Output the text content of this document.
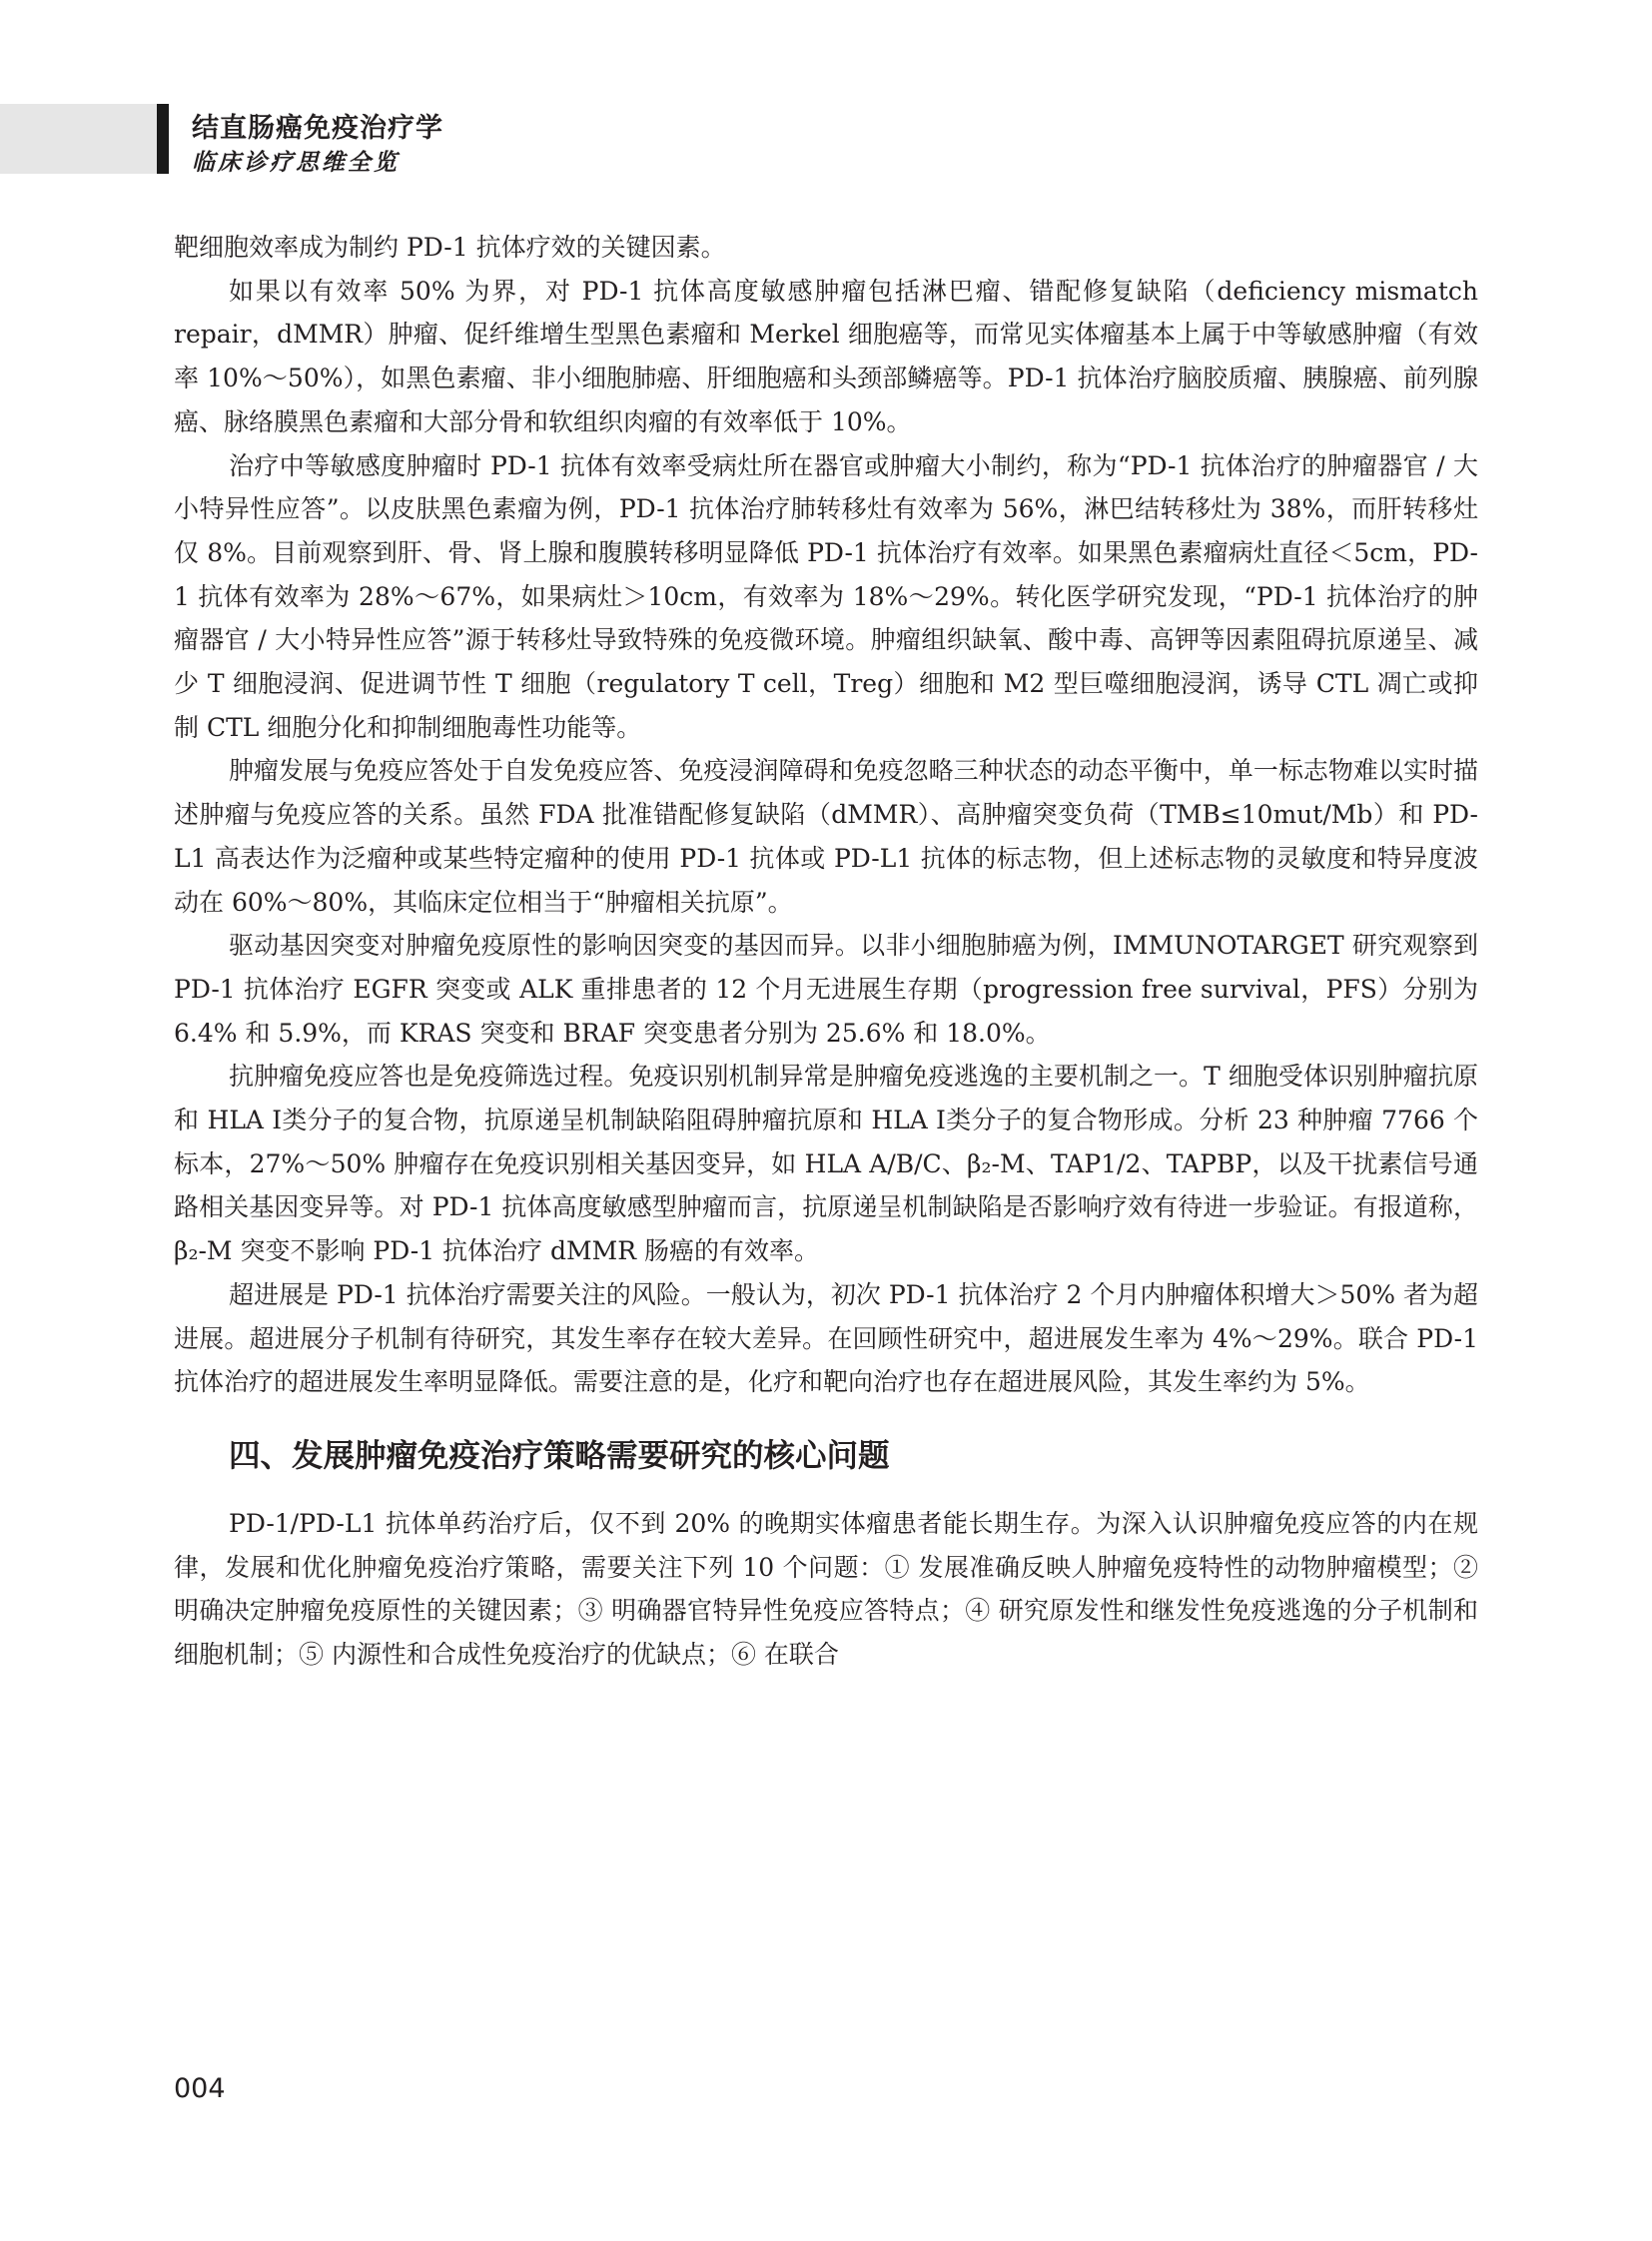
结直肠癌免疫治疗学
临床诊疗思维全览

靶细胞效率成为制约 PD-1 抗体疗效的关键因素。

如果以有效率 50% 为界，对 PD-1 抗体高度敏感肿瘤包括淋巴瘤、错配修复缺陷（deficiency mismatch repair，dMMR）肿瘤、促纤维增生型黑色素瘤和 Merkel 细胞癌等，而常见实体瘤基本上属于中等敏感肿瘤（有效率 10%～50%），如黑色素瘤、非小细胞肺癌、肝细胞癌和头颈部鳞癌等。PD-1 抗体治疗脑胶质瘤、胰腺癌、前列腺癌、脉络膜黑色素瘤和大部分骨和软组织肉瘤的有效率低于 10%。

治疗中等敏感度肿瘤时 PD-1 抗体有效率受病灶所在器官或肿瘤大小制约，称为“PD-1 抗体治疗的肿瘤器官 / 大小特异性应答”。以皮肤黑色素瘤为例，PD-1 抗体治疗肺转移灶有效率为 56%，淋巴结转移灶为 38%，而肝转移灶仅 8%。目前观察到肝、骨、肾上腺和腹膜转移明显降低 PD-1 抗体治疗有效率。如果黑色素瘤病灶直径＜5cm，PD-1 抗体有效率为 28%～67%，如果病灶＞10cm，有效率为 18%～29%。转化医学研究发现，“PD-1 抗体治疗的肿瘤器官 / 大小特异性应答”源于转移灶导致特殊的免疫微环境。肿瘤组织缺氧、酸中毒、高钾等因素阻碍抗原递呈、减少 T 细胞浸润、促进调节性 T 细胞（regulatory T cell，Treg）细胞和 M2 型巨噬细胞浸润，诱导 CTL 凋亡或抑制 CTL 细胞分化和抑制细胞毒性功能等。

肿瘤发展与免疫应答处于自发免疫应答、免疫浸润障碍和免疫忽略三种状态的动态平衡中，单一标志物难以实时描述肿瘤与免疫应答的关系。虽然 FDA 批准错配修复缺陷（dMMR）、高肿瘤突变负荷（TMB≤10mut/Mb）和 PD-L1 高表达作为泛瘤种或某些特定瘤种的使用 PD-1 抗体或 PD-L1 抗体的标志物，但上述标志物的灵敏度和特异度波动在 60%～80%，其临床定位相当于“肿瘤相关抗原”。

驱动基因突变对肿瘤免疫原性的影响因突变的基因而异。以非小细胞肺癌为例，IMMUNOTARGET 研究观察到 PD-1 抗体治疗 EGFR 突变或 ALK 重排患者的 12 个月无进展生存期（progression free survival，PFS）分别为 6.4% 和 5.9%，而 KRAS 突变和 BRAF 突变患者分别为 25.6% 和 18.0%。

抗肿瘤免疫应答也是免疫筛选过程。免疫识别机制异常是肿瘤免疫逃逸的主要机制之一。T 细胞受体识别肿瘤抗原和 HLA Ⅰ类分子的复合物，抗原递呈机制缺陷阻碍肿瘤抗原和 HLA Ⅰ类分子的复合物形成。分析 23 种肿瘤 7766 个标本，27%～50% 肿瘤存在免疫识别相关基因变异，如 HLA A/B/C、β₂-M、TAP1/2、TAPBP，以及干扰素信号通路相关基因变异等。对 PD-1 抗体高度敏感型肿瘤而言，抗原递呈机制缺陷是否影响疗效有待进一步验证。有报道称，β₂-M 突变不影响 PD-1 抗体治疗 dMMR 肠癌的有效率。

超进展是 PD-1 抗体治疗需要关注的风险。一般认为，初次 PD-1 抗体治疗 2 个月内肿瘤体积增大＞50% 者为超进展。超进展分子机制有待研究，其发生率存在较大差异。在回顾性研究中，超进展发生率为 4%～29%。联合 PD-1 抗体治疗的超进展发生率明显降低。需要注意的是，化疗和靶向治疗也存在超进展风险，其发生率约为 5%。

四、发展肿瘤免疫治疗策略需要研究的核心问题

PD-1/PD-L1 抗体单药治疗后，仅不到 20% 的晚期实体瘤患者能长期生存。为深入认识肿瘤免疫应答的内在规律，发展和优化肿瘤免疫治疗策略，需要关注下列 10 个问题：① 发展准确反映人肿瘤免疫特性的动物肿瘤模型；② 明确决定肿瘤免疫原性的关键因素；③ 明确器官特异性免疫应答特点；④ 研究原发性和继发性免疫逃逸的分子机制和细胞机制；⑤ 内源性和合成性免疫治疗的优缺点；⑥ 在联合

004
